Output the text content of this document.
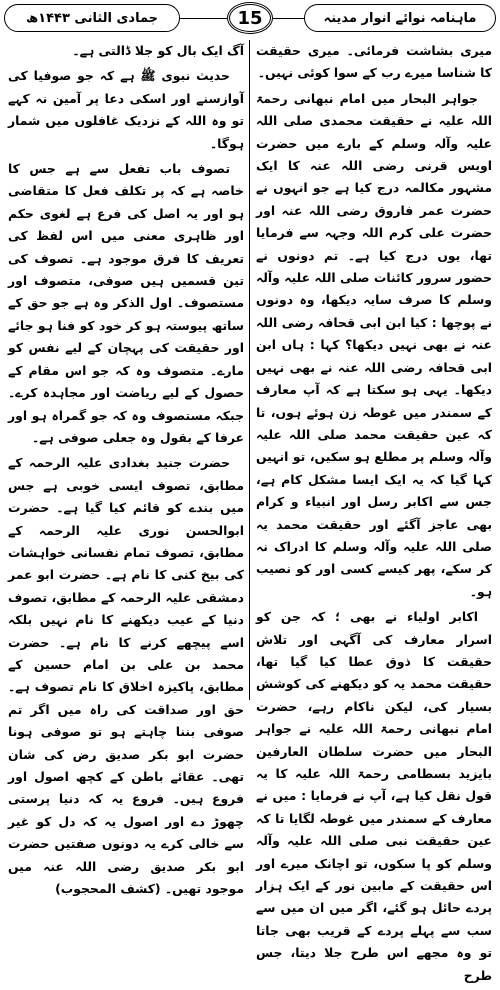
جمادی الثانی ۱۴۴۳ھ	15	ماہنامہ نوائے انوار مدینہ

میری بشاشت فرمائی۔ میری حقیقت کا شناسا میرے رب کے سوا کوئی نہیں۔

جواہر البحار میں امام نبھانی رحمۃ اللہ علیہ نے حقیقت محمدی صلی اللہ علیہ وآلہ وسلم کے بارے میں حضرت اویس قرنی رضی اللہ عنہ کا ایک مشہور مکالمہ درج کیا ہے جو انہوں نے حضرت عمر فاروق رضی اللہ عنہ اور حضرت علی کرم اللہ وجہہ سے فرمایا تھا، یوں درج کیا ہے۔ تم دونوں نے حضور سرور کائنات صلی اللہ علیہ وآلہ وسلم کا صرف سایہ دیکھا، وہ دونوں نے پوچھا : کیا ابن ابی قحافہ رضی اللہ عنہ نے بھی نہیں دیکھا؟ کہا : ہاں ابن ابی قحافہ رضی اللہ عنہ نے بھی نہیں دیکھا۔ یہی ہو سکتا ہے کہ آپ معارف کے سمندر میں غوطہ زن ہوئے ہوں، تا کہ عین حقیقت محمد صلی اللہ علیہ وآلہ وسلم پر مطلع ہو سکیں، تو انہیں کہا گیا کہ یہ ایک ایسا مشکل کام ہے، جس سے اکابر رسل اور انبیاء و کرام بھی عاجز آگئے اور حقیقت محمد یہ صلی اللہ علیہ وآلہ وسلم کا ادراک نہ کر سکے، پھر کیسے کسی اور کو نصیب ہو۔

اکابر اولیاء نے بھی ؛ کہ جن کو اسرار معارف کی آگہی اور تلاش حقیقت کا ذوق عطا کیا گیا تھا، حقیقت محمد یہ کو دیکھنے کی کوشش بسیار کی، لیکن ناکام رہے، حضرت امام نبھانی رحمۃ اللہ علیہ نے جواہر البحار میں حضرت سلطان العارفین بایزید بسطامی رحمۃ اللہ علیہ کا یہ قول نقل کیا ہے، آپ نے فرمایا : میں نے معارف کے سمندر میں غوطہ لگایا تا کہ عین حقیقت نبی صلی اللہ علیہ وآلہ وسلم کو پا سکوں، تو اچانک میرے اور اس حقیقت کے مابین نور کے ایک ہزار پردے حائل ہو گئے، اگر میں ان میں سے سب سے پہلے پردے کے قریب بھی جاتا تو وہ مجھے اس طرح جلا دیتا، جس طرح

آگ ایک بال کو جلا ڈالتی ہے۔

حدیث نبوی ﷺ ہے کہ جو صوفیا کی آوازسنے اور اسکی دعا پر آمین نہ کہے تو وہ اللہ کے نزدیک غافلوں میں شمار ہوگا۔

تصوف باب تفعل سے ہے جس کا خاصہ ہے کہ پر تکلف فعل کا متقاضی ہو اور یہ اصل کی فرع ہے لغوی حکم اور ظاہری معنی میں اس لفظ کی تعریف کا فرق موجود ہے۔ تصوف کی تین قسمیں ہیں صوفی، متصوف اور مستصوف۔ اول الذکر وہ ہے جو حق کے ساتھ پیوستہ ہو کر خود کو فنا ہو جائے اور حقیقت کی پہچان کے لیے نفس کو مارے۔ متصوف وہ کہ جو اس مقام کے حصول کے لیے ریاضت اور مجاہدہ کرے۔ جبکہ مستصوف وہ کہ جو گمراہ ہو اور عرفا کے بقول وہ جعلی صوفی ہے۔

حضرت جنید بغدادی علیہ الرحمہ کے مطابق، تصوف ایسی خوبی ہے جس میں بندے کو قائم کیا گیا ہے۔ حضرت ابوالحسن نوری علیہ الرحمہ کے مطابق، تصوف تمام نفسانی خواہشات کی بیخ کنی کا نام ہے۔ حضرت ابو عمر دمشقی علیہ الرحمہ کے مطابق، تصوف دنیا کے عیب دیکھنے کا نام نہیں بلکہ اسے پیچھے کرنے کا نام ہے۔ حضرت محمد بن علی بن امام حسین کے مطابق، پاکیزہ اخلاق کا نام تصوف ہے۔ حق اور صداقت کی راہ میں اگر تم صوفی بننا چاہتے ہو تو صوفی ہونا حضرت ابو بکر صدیق رض کی شان تھی۔ عقائے باطن کے کچھ اصول اور فروع ہیں۔ فروع یہ کہ دنیا پرستی چھوڑ دے اور اصول یہ کہ دل کو غیر سے خالی کرے یہ دونوں صفتیں حضرت ابو بکر صدیق رضی اللہ عنہ میں موجود تھیں۔ (کشف المحجوب)
